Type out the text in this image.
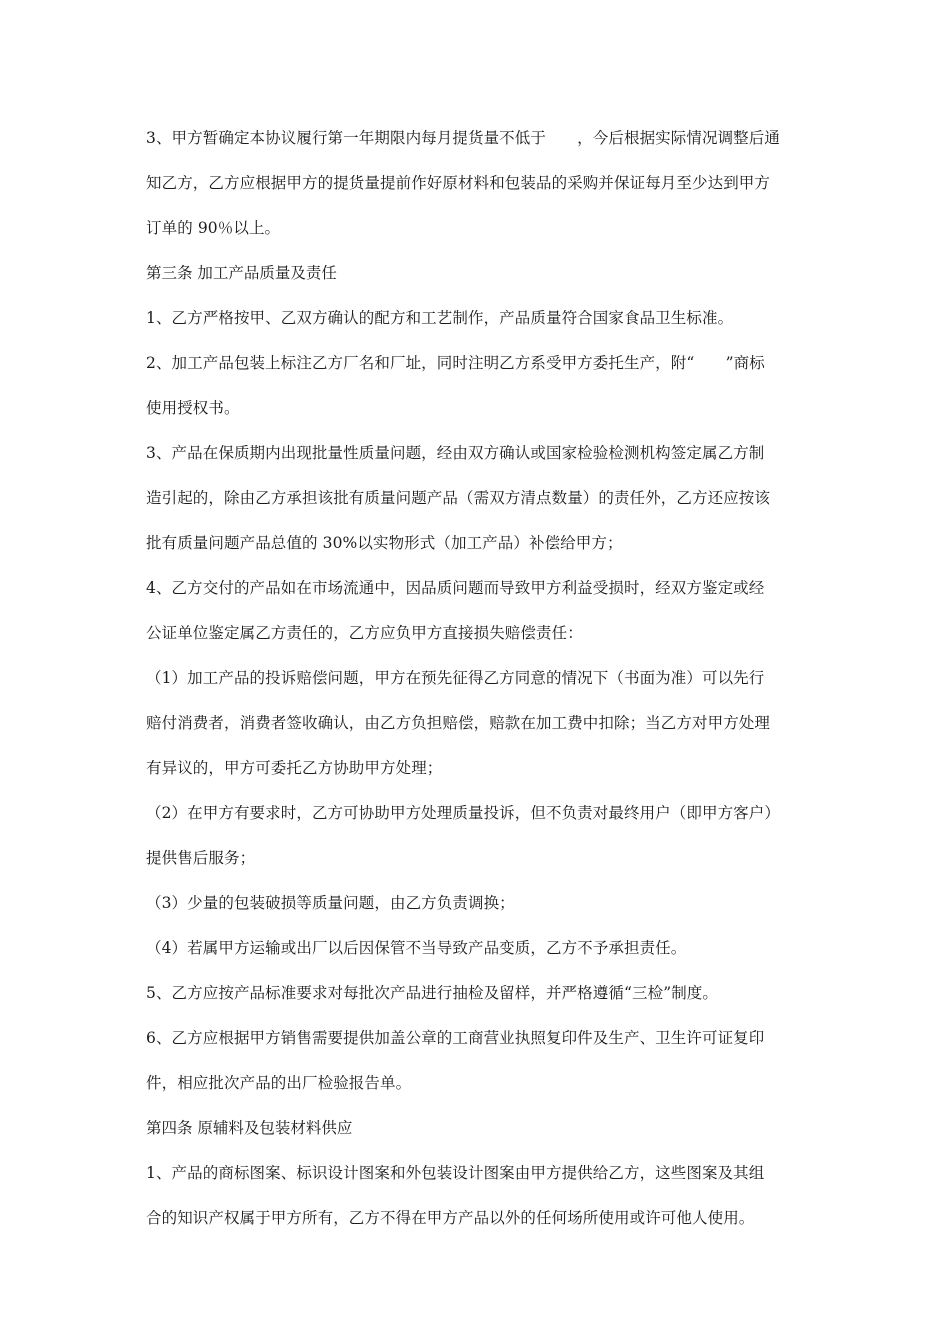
3、甲方暂确定本协议履行第一年期限内每月提货量不低于　　，今后根据实际情况调整后通
知乙方，乙方应根据甲方的提货量提前作好原材料和包装品的采购并保证每月至少达到甲方
订单的 90％以上。
第三条 加工产品质量及责任
1、乙方严格按甲、乙双方确认的配方和工艺制作，产品质量符合国家食品卫生标准。
2、加工产品包装上标注乙方厂名和厂址，同时注明乙方系受甲方委托生产，附“　　”商标
使用授权书。
3、产品在保质期内出现批量性质量问题，经由双方确认或国家检验检测机构签定属乙方制
造引起的，除由乙方承担该批有质量问题产品（需双方清点数量）的责任外，乙方还应按该
批有质量问题产品总值的 30%以实物形式（加工产品）补偿给甲方；
4、乙方交付的产品如在市场流通中，因品质问题而导致甲方利益受损时，经双方鉴定或经
公证单位鉴定属乙方责任的，乙方应负甲方直接损失赔偿责任：
（1）加工产品的投诉赔偿问题，甲方在预先征得乙方同意的情况下（书面为准）可以先行
赔付消费者，消费者签收确认，由乙方负担赔偿，赔款在加工费中扣除；当乙方对甲方处理
有异议的，甲方可委托乙方协助甲方处理；
（2）在甲方有要求时，乙方可协助甲方处理质量投诉，但不负责对最终用户（即甲方客户）
提供售后服务；
（3）少量的包装破损等质量问题，由乙方负责调换；
（4）若属甲方运输或出厂以后因保管不当导致产品变质，乙方不予承担责任。
5、乙方应按产品标准要求对每批次产品进行抽检及留样，并严格遵循“三检”制度。
6、乙方应根据甲方销售需要提供加盖公章的工商营业执照复印件及生产、卫生许可证复印
件，相应批次产品的出厂检验报告单。
第四条 原辅料及包装材料供应
1、产品的商标图案、标识设计图案和外包装设计图案由甲方提供给乙方，这些图案及其组
合的知识产权属于甲方所有，乙方不得在甲方产品以外的任何场所使用或许可他人使用。
